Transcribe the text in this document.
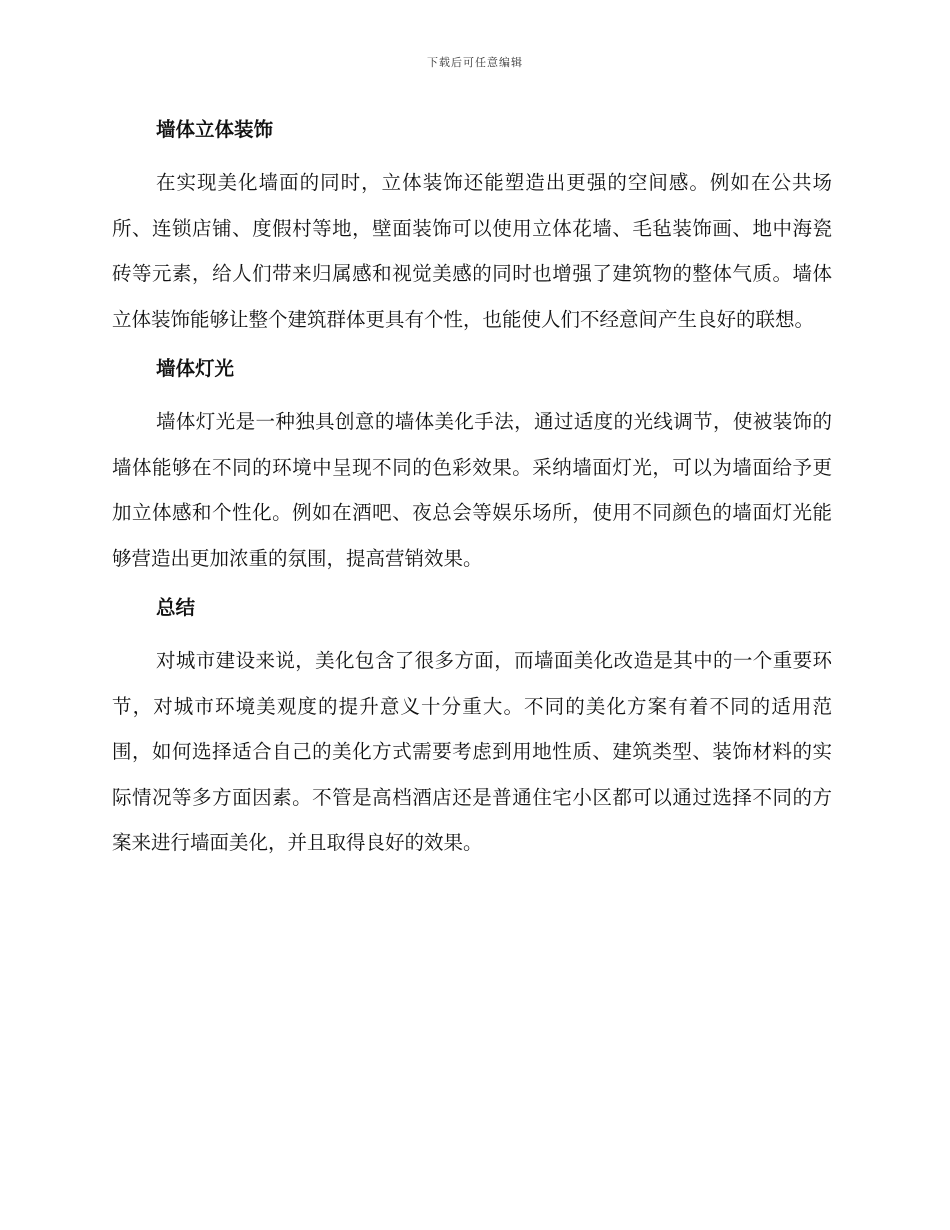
下载后可任意编辑
墙体立体装饰

在实现美化墙面的同时，立体装饰还能塑造出更强的空间感。例如在公共场所、连锁店铺、度假村等地，壁面装饰可以使用立体花墙、毛毡装饰画、地中海瓷砖等元素，给人们带来归属感和视觉美感的同时也增强了建筑物的整体气质。墙体立体装饰能够让整个建筑群体更具有个性，也能使人们不经意间产生良好的联想。

墙体灯光

墙体灯光是一种独具创意的墙体美化手法，通过适度的光线调节，使被装饰的墙体能够在不同的环境中呈现不同的色彩效果。采纳墙面灯光，可以为墙面给予更加立体感和个性化。例如在酒吧、夜总会等娱乐场所，使用不同颜色的墙面灯光能够营造出更加浓重的氛围，提高营销效果。

总结

对城市建设来说，美化包含了很多方面，而墙面美化改造是其中的一个重要环节，对城市环境美观度的提升意义十分重大。不同的美化方案有着不同的适用范围，如何选择适合自己的美化方式需要考虑到用地性质、建筑类型、装饰材料的实际情况等多方面因素。不管是高档酒店还是普通住宅小区都可以通过选择不同的方案来进行墙面美化，并且取得良好的效果。
